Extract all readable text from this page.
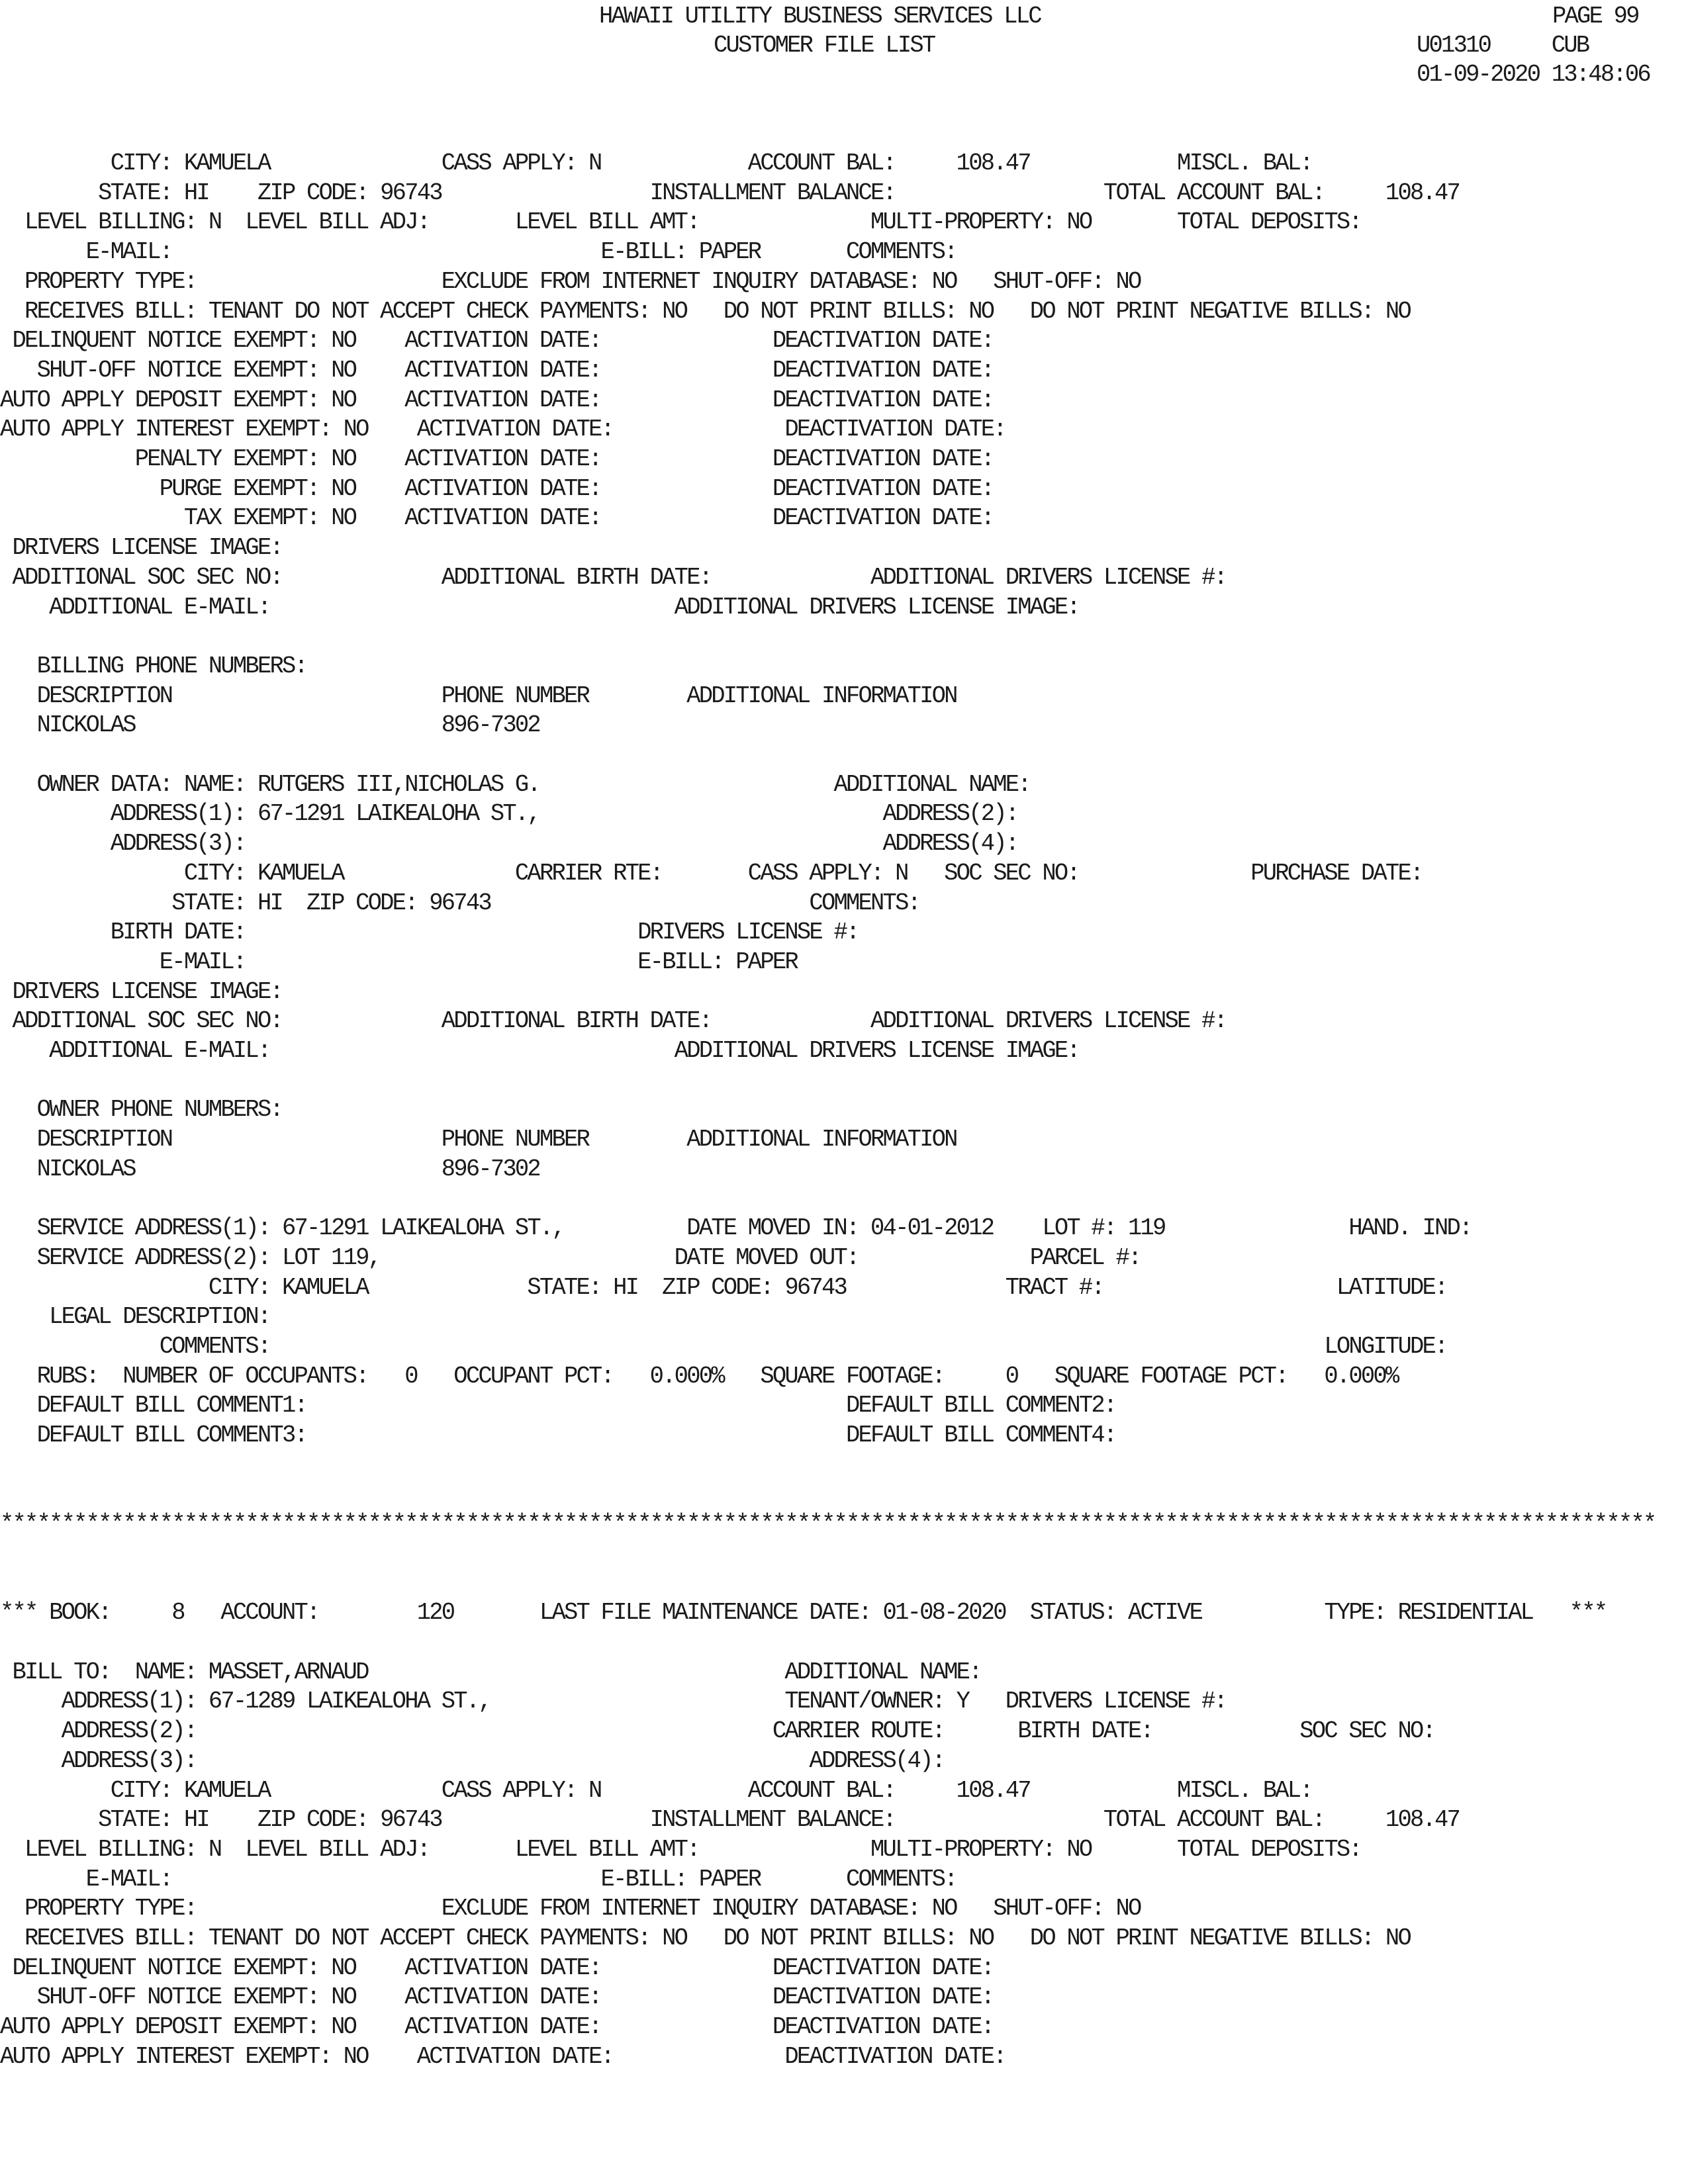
HAWAII UTILITY BUSINESS SERVICES LLC	PAGE 99
CUSTOMER FILE LIST	U01310     CUB
01-09-2020 13:48:06
CITY: KAMUELA              CASS APPLY: N            ACCOUNT BAL:     108.47            MISCL. BAL:
STATE: HI    ZIP CODE: 96743                 INSTALLMENT BALANCE:                 TOTAL ACCOUNT BAL:     108.47
LEVEL BILLING: N  LEVEL BILL ADJ:       LEVEL BILL AMT:              MULTI-PROPERTY: NO       TOTAL DEPOSITS:
E-MAIL:                                   E-BILL: PAPER       COMMENTS:
PROPERTY TYPE:                    EXCLUDE FROM INTERNET INQUIRY DATABASE: NO   SHUT-OFF: NO
RECEIVES BILL: TENANT DO NOT ACCEPT CHECK PAYMENTS: NO   DO NOT PRINT BILLS: NO   DO NOT PRINT NEGATIVE BILLS: NO
DELINQUENT NOTICE EXEMPT: NO    ACTIVATION DATE:              DEACTIVATION DATE:
SHUT-OFF NOTICE EXEMPT: NO    ACTIVATION DATE:              DEACTIVATION DATE:
AUTO APPLY DEPOSIT EXEMPT: NO    ACTIVATION DATE:              DEACTIVATION DATE:
AUTO APPLY INTEREST EXEMPT: NO    ACTIVATION DATE:              DEACTIVATION DATE:
PENALTY EXEMPT: NO    ACTIVATION DATE:              DEACTIVATION DATE:
PURGE EXEMPT: NO    ACTIVATION DATE:              DEACTIVATION DATE:
TAX EXEMPT: NO    ACTIVATION DATE:              DEACTIVATION DATE:
DRIVERS LICENSE IMAGE:
ADDITIONAL SOC SEC NO:             ADDITIONAL BIRTH DATE:             ADDITIONAL DRIVERS LICENSE #:
ADDITIONAL E-MAIL:                                 ADDITIONAL DRIVERS LICENSE IMAGE:
BILLING PHONE NUMBERS:
DESCRIPTION                      PHONE NUMBER        ADDITIONAL INFORMATION
NICKOLAS                         896-7302
OWNER DATA: NAME: RUTGERS III,NICHOLAS G.                        ADDITIONAL NAME:
ADDRESS(1): 67-1291 LAIKEALOHA ST.,                            ADDRESS(2):
ADDRESS(3):                                                    ADDRESS(4):
CITY: KAMUELA              CARRIER RTE:       CASS APPLY: N   SOC SEC NO:              PURCHASE DATE:
STATE: HI  ZIP CODE: 96743                          COMMENTS:
BIRTH DATE:                                DRIVERS LICENSE #:
E-MAIL:                                E-BILL: PAPER
DRIVERS LICENSE IMAGE:
ADDITIONAL SOC SEC NO:             ADDITIONAL BIRTH DATE:             ADDITIONAL DRIVERS LICENSE #:
ADDITIONAL E-MAIL:                                 ADDITIONAL DRIVERS LICENSE IMAGE:
OWNER PHONE NUMBERS:
DESCRIPTION                      PHONE NUMBER        ADDITIONAL INFORMATION
NICKOLAS                         896-7302
SERVICE ADDRESS(1): 67-1291 LAIKEALOHA ST.,          DATE MOVED IN: 04-01-2012    LOT #: 119               HAND. IND:
SERVICE ADDRESS(2): LOT 119,                        DATE MOVED OUT:              PARCEL #:
CITY: KAMUELA             STATE: HI  ZIP CODE: 96743             TRACT #:                   LATITUDE:
LEGAL DESCRIPTION:
COMMENTS:                                                                                      LONGITUDE:
RUBS:  NUMBER OF OCCUPANTS:   0   OCCUPANT PCT:   0.000%   SQUARE FOOTAGE:     0   SQUARE FOOTAGE PCT:   0.000%
DEFAULT BILL COMMENT1:                                            DEFAULT BILL COMMENT2:
DEFAULT BILL COMMENT3:                                            DEFAULT BILL COMMENT4:
***************************************************************************************************************************************
*** BOOK:     8   ACCOUNT:        120       LAST FILE MAINTENANCE DATE: 01-08-2020  STATUS: ACTIVE          TYPE: RESIDENTIAL   ***
BILL TO:  NAME: MASSET,ARNAUD                                  ADDITIONAL NAME:
ADDRESS(1): 67-1289 LAIKEALOHA ST.,                        TENANT/OWNER: Y   DRIVERS LICENSE #:
ADDRESS(2):                                               CARRIER ROUTE:      BIRTH DATE:            SOC SEC NO:
ADDRESS(3):                                                  ADDRESS(4):
CITY: KAMUELA              CASS APPLY: N            ACCOUNT BAL:     108.47            MISCL. BAL:
STATE: HI    ZIP CODE: 96743                 INSTALLMENT BALANCE:                 TOTAL ACCOUNT BAL:     108.47
LEVEL BILLING: N  LEVEL BILL ADJ:       LEVEL BILL AMT:              MULTI-PROPERTY: NO       TOTAL DEPOSITS:
E-MAIL:                                   E-BILL: PAPER       COMMENTS:
PROPERTY TYPE:                    EXCLUDE FROM INTERNET INQUIRY DATABASE: NO   SHUT-OFF: NO
RECEIVES BILL: TENANT DO NOT ACCEPT CHECK PAYMENTS: NO   DO NOT PRINT BILLS: NO   DO NOT PRINT NEGATIVE BILLS: NO
DELINQUENT NOTICE EXEMPT: NO    ACTIVATION DATE:              DEACTIVATION DATE:
SHUT-OFF NOTICE EXEMPT: NO    ACTIVATION DATE:              DEACTIVATION DATE:
AUTO APPLY DEPOSIT EXEMPT: NO    ACTIVATION DATE:              DEACTIVATION DATE:
AUTO APPLY INTEREST EXEMPT: NO    ACTIVATION DATE:              DEACTIVATION DATE:
